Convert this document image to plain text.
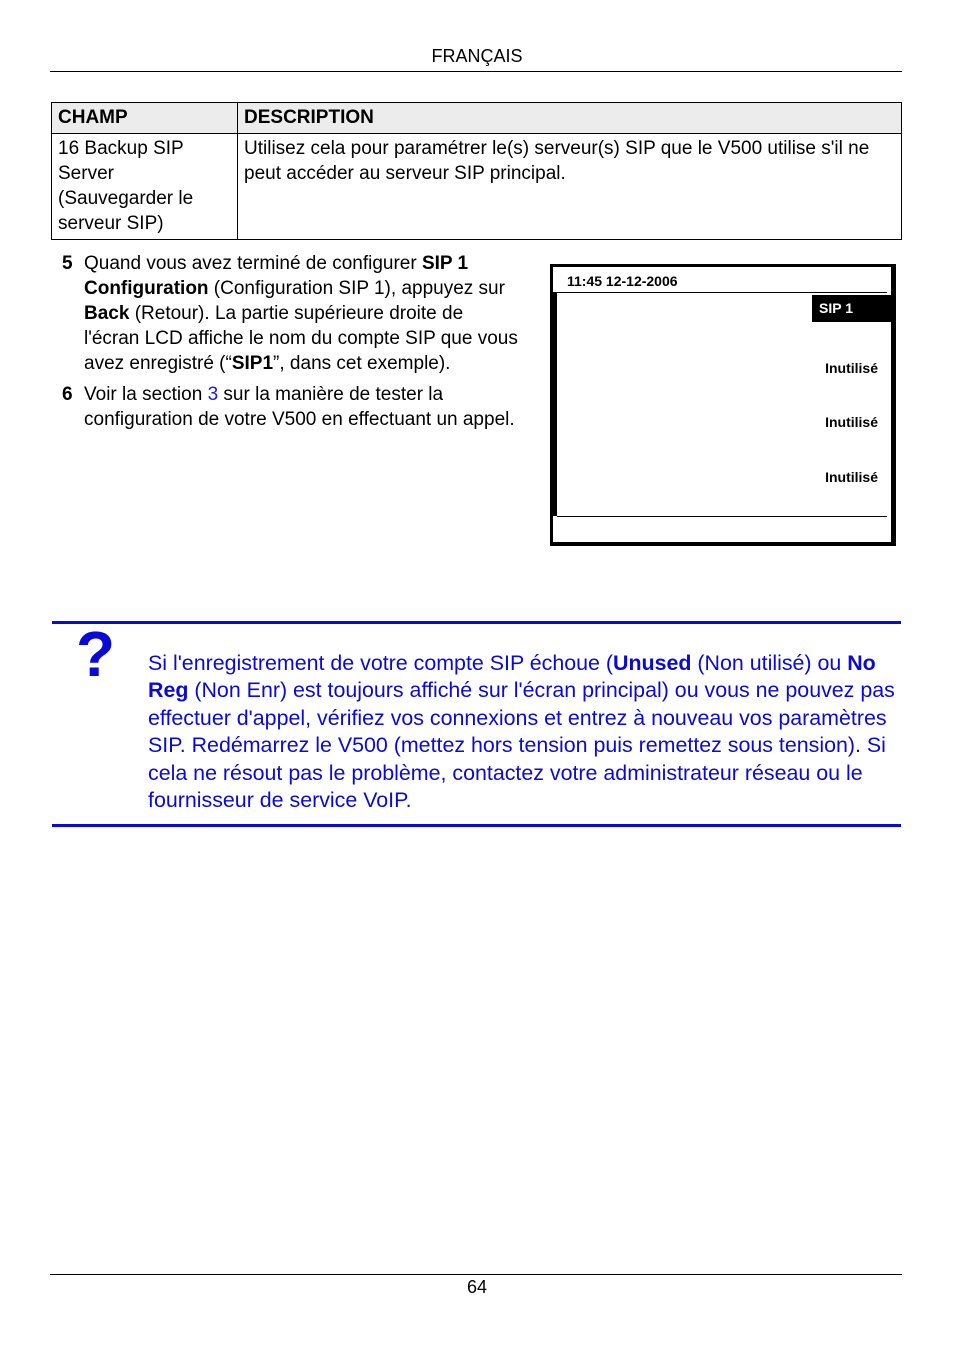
FRANÇAIS
CHAMP	DESCRIPTION

16 Backup SIP
Server
(Sauvegarder le
serveur SIP)	Utilisez cela pour paramétrer le(s) serveur(s) SIP que le V500 utilise s'il ne peut accéder au serveur SIP principal.
5 Quand vous avez terminé de configurer SIP 1 Configuration (Configuration SIP 1), appuyez sur Back (Retour). La partie supérieure droite de l'écran LCD affiche le nom du compte SIP que vous avez enregistré (“SIP1”, dans cet exemple).
6 Voir la section 3 sur la manière de tester la configuration de votre V500 en effectuant un appel.
11:45 12-12-2006
SIP 1
Inutilisé
Inutilisé
Inutilisé
? Si l'enregistrement de votre compte SIP échoue (Unused (Non utilisé) ou No Reg (Non Enr) est toujours affiché sur l'écran principal) ou vous ne pouvez pas effectuer d'appel, vérifiez vos connexions et entrez à nouveau vos paramètres SIP. Redémarrez le V500 (mettez hors tension puis remettez sous tension). Si cela ne résout pas le problème, contactez votre administrateur réseau ou le fournisseur de service VoIP.
64
